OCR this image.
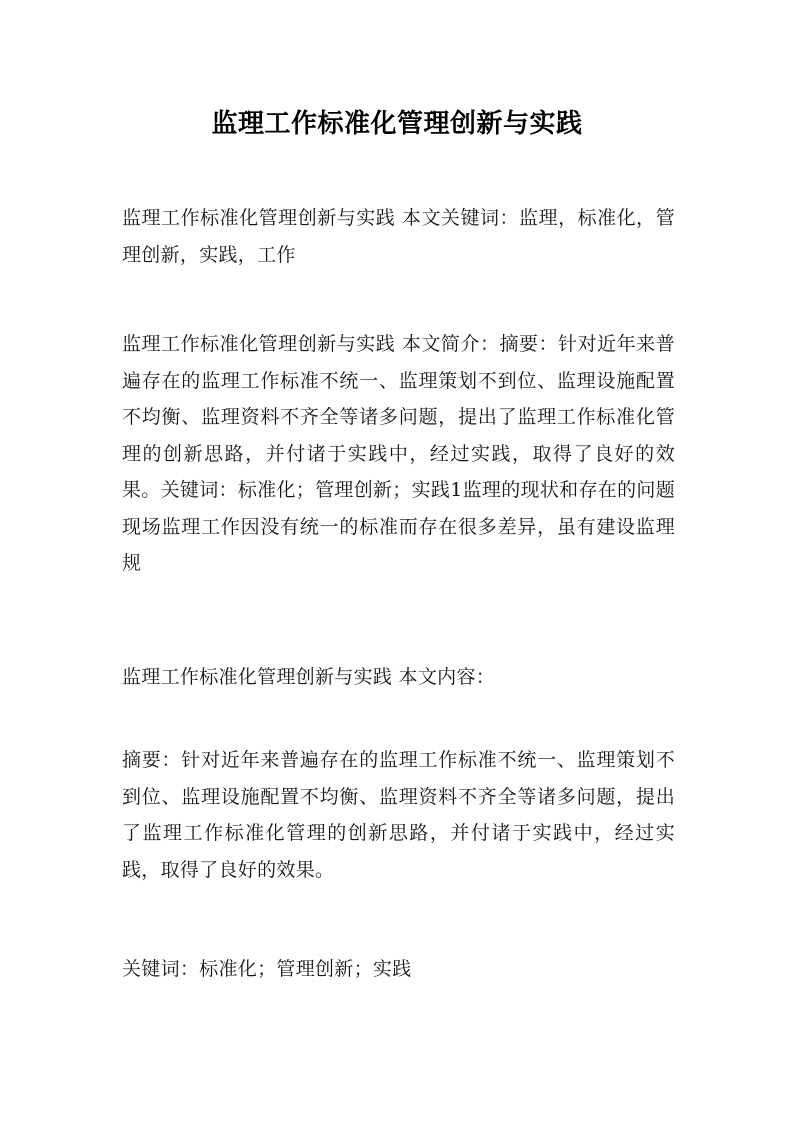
监理工作标准化管理创新与实践
监理工作标准化管理创新与实践 本文关键词：监理，标准化，管理创新，实践，工作
监理工作标准化管理创新与实践 本文简介：摘要：针对近年来普遍存在的监理工作标准不统一、监理策划不到位、监理设施配置不均衡、监理资料不齐全等诸多问题，提出了监理工作标准化管理的创新思路，并付诸于实践中，经过实践，取得了良好的效果。关键词：标准化；管理创新；实践1监理的现状和存在的问题现场监理工作因没有统一的标准而存在很多差异，虽有建设监理规
监理工作标准化管理创新与实践 本文内容：
摘要：针对近年来普遍存在的监理工作标准不统一、监理策划不到位、监理设施配置不均衡、监理资料不齐全等诸多问题，提出了监理工作标准化管理的创新思路，并付诸于实践中，经过实践，取得了良好的效果。
关键词：标准化；管理创新；实践
